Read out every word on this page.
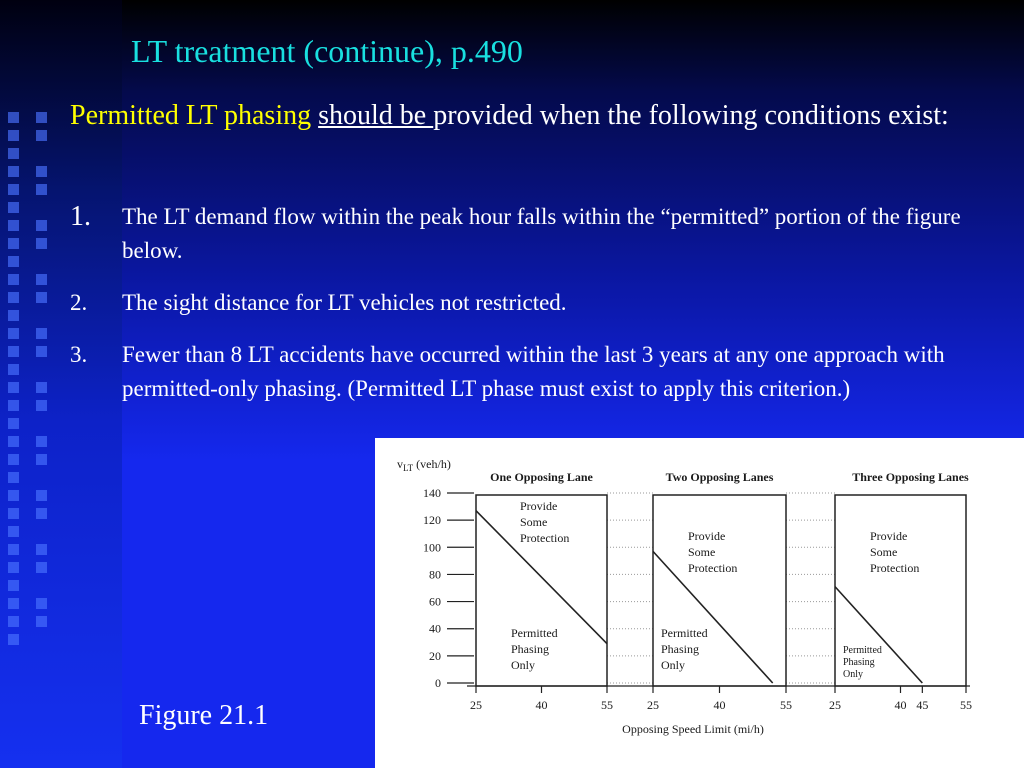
LT treatment (continue), p.490
Permitted LT phasing should be provided when the following conditions exist:
1.	The LT demand flow within the peak hour falls within the “permitted” portion of the figure below.
2.	The sight distance for LT vehicles not restricted.
3.	Fewer than 8 LT accidents have occurred within the last 3 years at any one approach with permitted-only phasing. (Permitted LT phase must exist to apply this criterion.)
Figure 21.1
$v_{LT}$ (veh/h)
0
20
40
60
80
100
120
140
One Opposing Lane
Provide
Some
Protection
Permitted
Phasing
Only
25	40	55
Two Opposing Lanes
Provide
Some
Protection
Permitted
Phasing
Only
25	40	55
Three Opposing Lanes
Provide
Some
Protection
Permitted
Phasing
Only
25	40 45	55
Opposing Speed Limit (mi/h)
